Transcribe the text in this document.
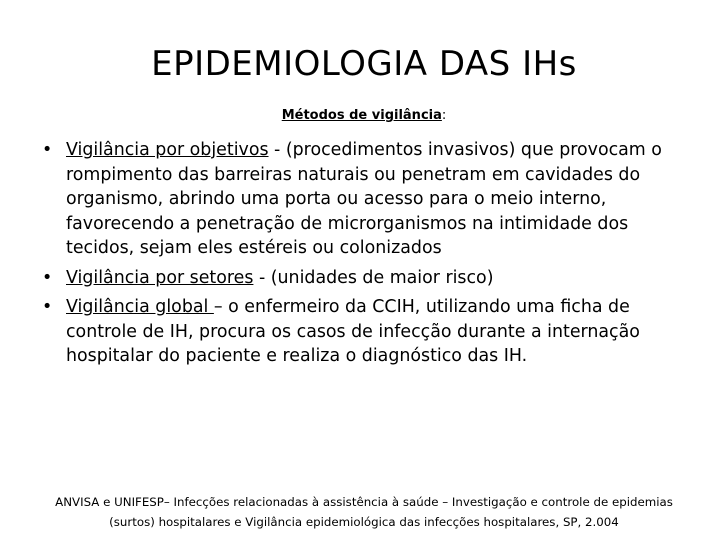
EPIDEMIOLOGIA DAS IHs
Métodos de vigilância:
• Vigilância por objetivos - (procedimentos invasivos) que provocam o rompimento das barreiras naturais ou penetram em cavidades do organismo, abrindo uma porta ou acesso para o meio interno, favorecendo a penetração de microrganismos na intimidade dos tecidos, sejam eles estéreis ou colonizados
• Vigilância por setores - (unidades de maior risco)
• Vigilância global – o enfermeiro da CCIH, utilizando uma ficha de controle de IH, procura os casos de infecção durante a internação hospitalar do paciente e realiza o diagnóstico das IH.
ANVISA e UNIFESP– Infecções relacionadas à assistência à saúde – Investigação e controle de epidemias
(surtos) hospitalares e Vigilância epidemiológica das infecções hospitalares, SP, 2.004
